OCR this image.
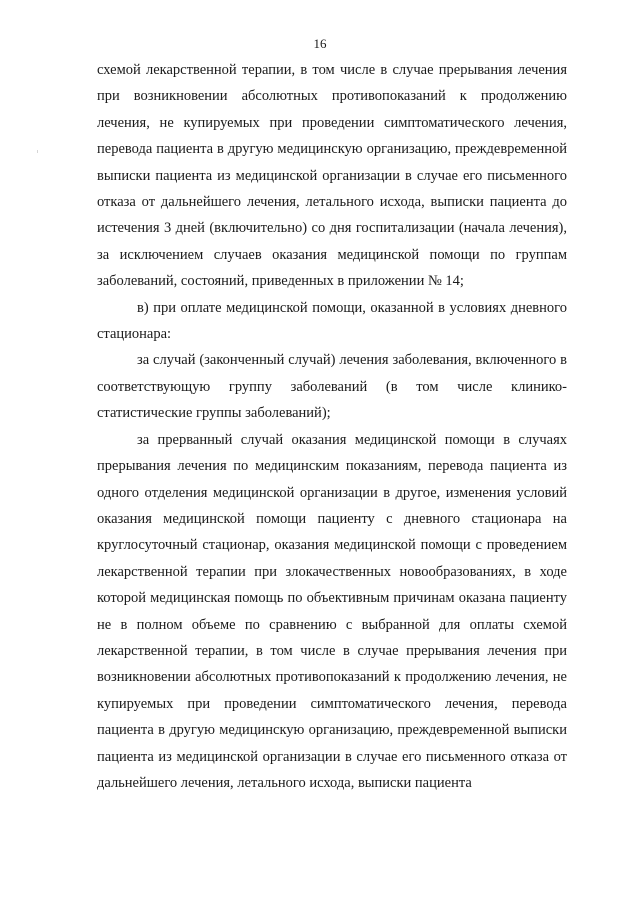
16

схемой лекарственной терапии, в том числе в случае прерывания лечения при возникновении абсолютных противопоказаний к продолжению лечения, не купируемых при проведении симптоматического лечения, перевода пациента в другую медицинскую организацию, преждевременной выписки пациента из медицинской организации в случае его письменного отказа от дальнейшего лечения, летального исхода, выписки пациента до истечения 3 дней (включительно) со дня госпитализации (начала лечения), за исключением случаев оказания медицинской помощи по группам заболеваний, состояний, приведенных в приложении № 14;

в) при оплате медицинской помощи, оказанной в условиях дневного стационара:

за случай (законченный случай) лечения заболевания, включенного в соответствующую группу заболеваний (в том числе клинико-статистические группы заболеваний);

за прерванный случай оказания медицинской помощи в случаях прерывания лечения по медицинским показаниям, перевода пациента из одного отделения медицинской организации в другое, изменения условий оказания медицинской помощи пациенту с дневного стационара на круглосуточный стационар, оказания медицинской помощи с проведением лекарственной терапии при злокачественных новообразованиях, в ходе которой медицинская помощь по объективным причинам оказана пациенту не в полном объеме по сравнению с выбранной для оплаты схемой лекарственной терапии, в том числе в случае прерывания лечения при возникновении абсолютных противопоказаний к продолжению лечения, не купируемых при проведении симптоматического лечения, перевода пациента в другую медицинскую организацию, преждевременной выписки пациента из медицинской организации в случае его письменного отказа от дальнейшего лечения, летального исхода, выписки пациента
